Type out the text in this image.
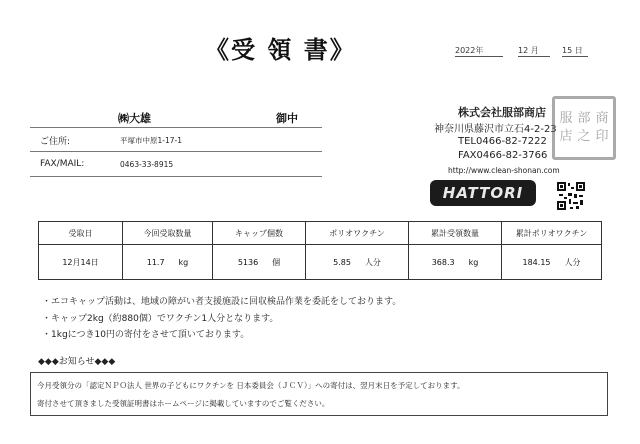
《受 領 書》	2022年	12 月	15 日
㈱大雄	御中
ご住所:	平塚市中原1-17-1
FAX/MAIL:	0463-33-8915
株式会社服部商店
神奈川県藤沢市立石4-2-23
TEL0466-82-7222
FAX0466-82-3766
http://www.clean-shonan.com
服 部 商
店 之 印
HATTORI
受取日	今回受取数量	キャップ個数	ポリオワクチン	累計受領数量	累計ポリオワクチン
12月14日	11.7 kg	5136 個	5.85 人分	368.3 kg	184.15 人分
・エコキャップ活動は、地域の障がい者支援施設に回収検品作業を委託をしております。
・キャップ2kg（約880個）でワクチン1人分となります。
・1kgにつき10円の寄付をさせて頂いております。
◆◆◆お知らせ◆◆◆
今月受領分の「認定ＮＰＯ法人 世界の子どもにワクチンを 日本委員会（ＪＣＶ）」への寄付は、翌月末日を予定しております。
寄付させて頂きました受領証明書はホームページに掲載していますのでご覧ください。
